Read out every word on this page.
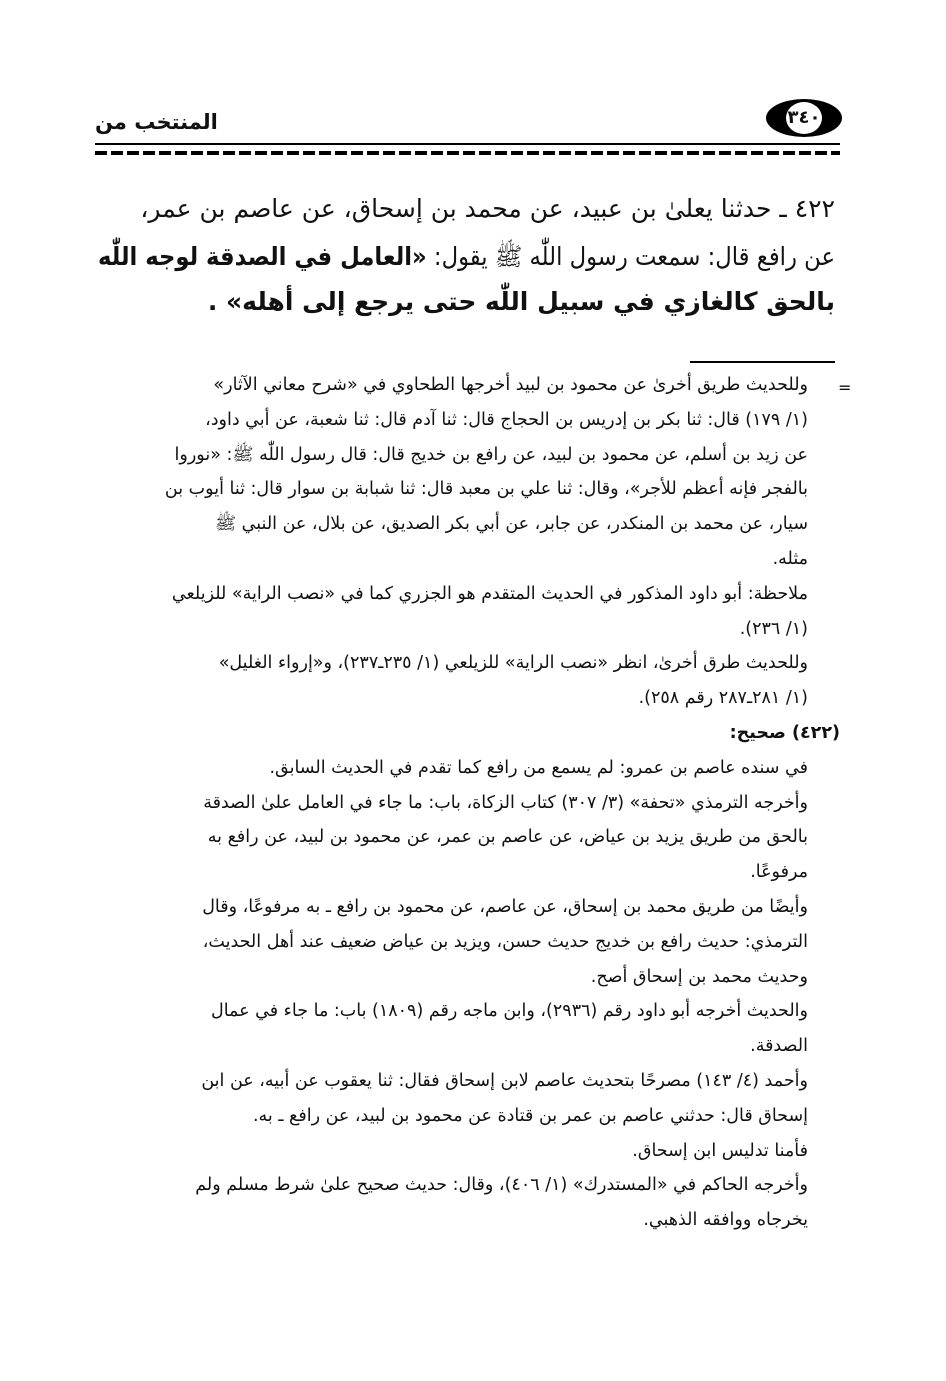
المنتخب من	٣٤٠
٤٢٢ ـ حدثنا يعلىٰ بن عبيد، عن محمد بن إسحاق، عن عاصم بن عمر،
عن رافع قال: سمعت رسول اللّٰه ﷺ يقول: «العامل في الصدقة لوجه اللّٰه
بالحق كالغازي في سبيل اللّٰه حتى يرجع إلى أهله» .
=
وللحديث طريق أخرىٰ عن محمود بن لبيد أخرجها الطحاوي في «شرح معاني الآثار»
(١/ ١٧٩) قال: ثنا بكر بن إدريس بن الحجاج قال: ثنا آدم قال: ثنا شعبة، عن أبي داود،
عن زيد بن أسلم، عن محمود بن لبيد، عن رافع بن خديج قال: قال رسول اللّٰه ﷺ: «نوروا
بالفجر فإنه أعظم للأجر»، وقال: ثنا علي بن معبد قال: ثنا شبابة بن سوار قال: ثنا أيوب بن
سيار، عن محمد بن المنكدر، عن جابر، عن أبي بكر الصديق، عن بلال، عن النبي ﷺ
مثله.
ملاحظة: أبو داود المذكور في الحديث المتقدم هو الجزري كما في «نصب الراية» للزيلعي
(١/ ٢٣٦).
وللحديث طرق أخرىٰ، انظر «نصب الراية» للزيلعي (١/ ٢٣٥ـ٢٣٧)، و«إرواء الغليل»
(١/ ٢٨١ـ٢٨٧ رقم ٢٥٨).
(٤٢٢) صحيح:
في سنده عاصم بن عمرو: لم يسمع من رافع كما تقدم في الحديث السابق.
وأخرجه الترمذي «تحفة» (٣/ ٣٠٧) كتاب الزكاة، باب: ما جاء في العامل علىٰ الصدقة
بالحق من طريق يزيد بن عياض، عن عاصم بن عمر، عن محمود بن لبيد، عن رافع به
مرفوعًا.
وأيضًا من طريق محمد بن إسحاق، عن عاصم، عن محمود بن رافع ـ به مرفوعًا، وقال
الترمذي: حديث رافع بن خديج حديث حسن، ويزيد بن عياض ضعيف عند أهل الحديث،
وحديث محمد بن إسحاق أصح.
والحديث أخرجه أبو داود رقم (٢٩٣٦)، وابن ماجه رقم (١٨٠٩) باب: ما جاء في عمال
الصدقة.
وأحمد (٤/ ١٤٣) مصرحًا بتحديث عاصم لابن إسحاق فقال: ثنا يعقوب عن أبيه، عن ابن
إسحاق قال: حدثني عاصم بن عمر بن قتادة عن محمود بن لبيد، عن رافع ـ به.
فأمنا تدليس ابن إسحاق.
وأخرجه الحاكم في «المستدرك» (١/ ٤٠٦)، وقال: حديث صحيح علىٰ شرط مسلم ولم
يخرجاه ووافقه الذهبي.
